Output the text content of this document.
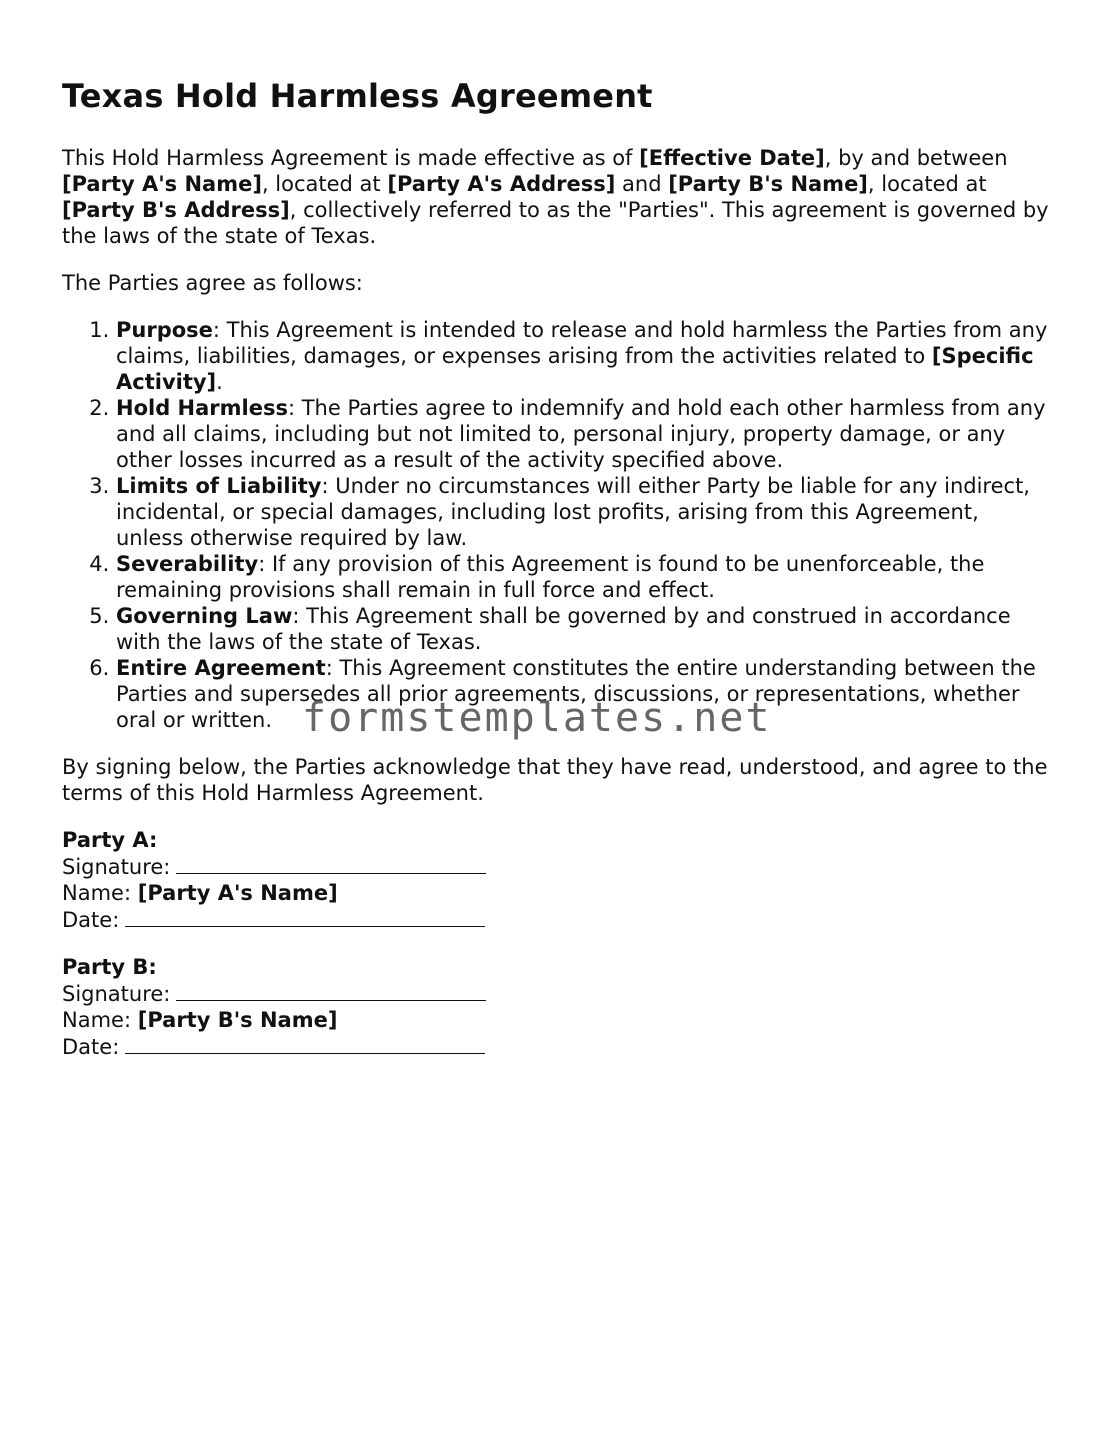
Texas Hold Harmless Agreement

This Hold Harmless Agreement is made effective as of [Effective Date], by and between [Party A's Name], located at [Party A's Address] and [Party B's Name], located at [Party B's Address], collectively referred to as the "Parties". This agreement is governed by the laws of the state of Texas.

The Parties agree as follows:

1. Purpose: This Agreement is intended to release and hold harmless the Parties from any claims, liabilities, damages, or expenses arising from the activities related to [Specific Activity].
2. Hold Harmless: The Parties agree to indemnify and hold each other harmless from any and all claims, including but not limited to, personal injury, property damage, or any other losses incurred as a result of the activity specified above.
3. Limits of Liability: Under no circumstances will either Party be liable for any indirect, incidental, or special damages, including lost profits, arising from this Agreement, unless otherwise required by law.
4. Severability: If any provision of this Agreement is found to be unenforceable, the remaining provisions shall remain in full force and effect.
5. Governing Law: This Agreement shall be governed by and construed in accordance with the laws of the state of Texas.
6. Entire Agreement: This Agreement constitutes the entire understanding between the Parties and supersedes all prior agreements, discussions, or representations, whether oral or written.

By signing below, the Parties acknowledge that they have read, understood, and agree to the terms of this Hold Harmless Agreement.

Party A:
Signature:
Name: [Party A's Name]
Date:
Party B:
Signature:
Name: [Party B's Name]
Date:
formstemplates.net
